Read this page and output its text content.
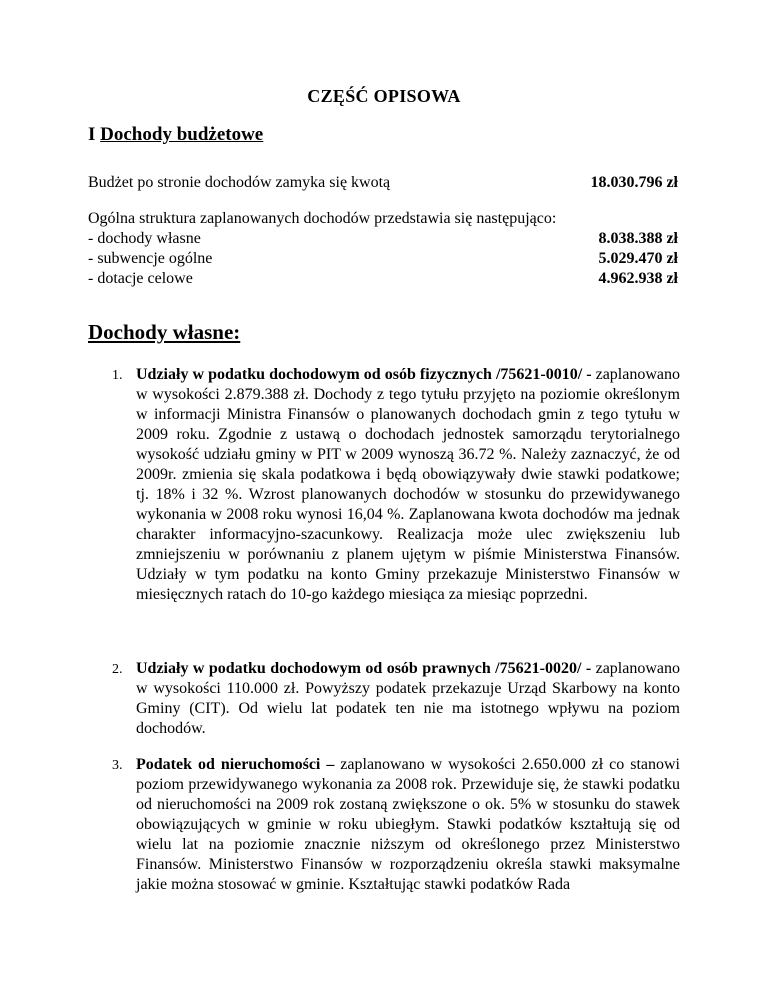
CZĘŚĆ OPISOWA
I Dochody budżetowe
Budżet po stronie dochodów zamyka się kwotą	18.030.796 zł
Ogólna struktura zaplanowanych dochodów przedstawia się następująco:
- dochody własne	8.038.388 zł
- subwencje ogólne	5.029.470 zł
- dotacje celowe	4.962.938 zł
Dochody własne:
1. Udziały w podatku dochodowym od osób fizycznych /75621-0010/ - zaplanowano w wysokości 2.879.388 zł. Dochody z tego tytułu przyjęto na poziomie określonym w informacji Ministra Finansów o planowanych dochodach gmin z tego tytułu w 2009 roku. Zgodnie z ustawą o dochodach jednostek samorządu terytorialnego wysokość udziału gminy w PIT w 2009 wynoszą 36.72 %. Należy zaznaczyć, że od 2009r. zmienia się skala podatkowa i będą obowiązywały dwie stawki podatkowe; tj. 18% i 32 %. Wzrost planowanych dochodów w stosunku do przewidywanego wykonania w 2008 roku wynosi 16,04 %. Zaplanowana kwota dochodów ma jednak charakter informacyjno-szacunkowy. Realizacja może ulec zwiększeniu lub zmniejszeniu w porównaniu z planem ujętym w piśmie Ministerstwa Finansów. Udziały w tym podatku na konto Gminy przekazuje Ministerstwo Finansów w miesięcznych ratach do 10-go każdego miesiąca za miesiąc poprzedni.
2. Udziały w podatku dochodowym od osób prawnych /75621-0020/ - zaplanowano w wysokości 110.000 zł. Powyższy podatek przekazuje Urząd Skarbowy na konto Gminy (CIT). Od wielu lat podatek ten nie ma istotnego wpływu na poziom dochodów.
3. Podatek od nieruchomości – zaplanowano w wysokości 2.650.000 zł co stanowi poziom przewidywanego wykonania za 2008 rok. Przewiduje się, że stawki podatku od nieruchomości na 2009 rok zostaną zwiększone o ok. 5% w stosunku do stawek obowiązujących w gminie w roku ubiegłym. Stawki podatków kształtują się od wielu lat na poziomie znacznie niższym od określonego przez Ministerstwo Finansów. Ministerstwo Finansów w rozporządzeniu określa stawki maksymalne jakie można stosować w gminie. Kształtując stawki podatków Rada
